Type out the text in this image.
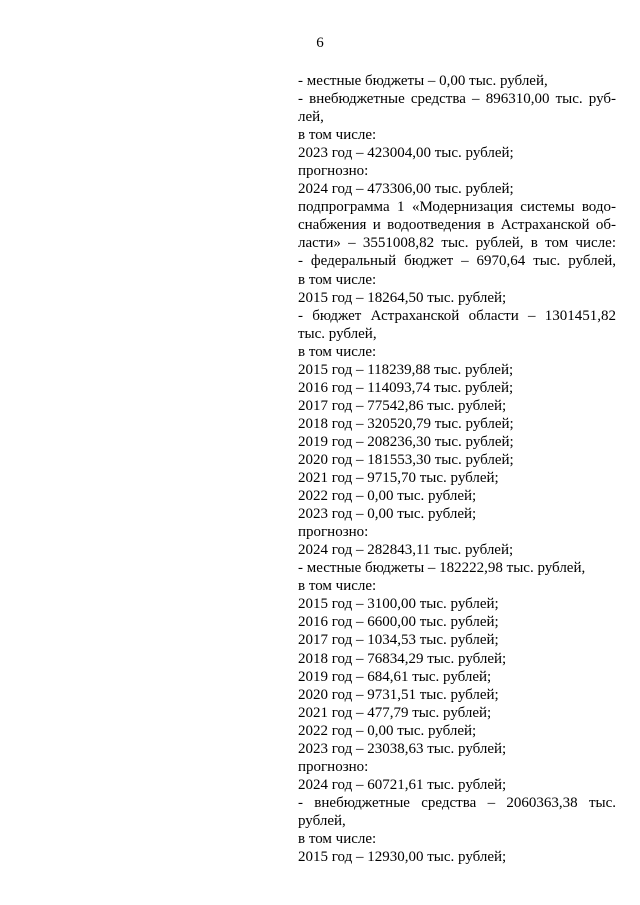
6
- местные бюджеты – 0,00 тыс. рублей,
- внебюджетные средства – 896310,00 тыс. руб-
лей,
в том числе:
2023 год – 423004,00 тыс. рублей;
прогнозно:
2024 год – 473306,00 тыс. рублей;
подпрограмма 1 «Модернизация системы водо-
снабжения и водоотведения в Астраханской об-
ласти» – 3551008,82 тыс. рублей, в том числе:
- федеральный бюджет – 6970,64 тыс. рублей,
в том числе:
2015 год – 18264,50 тыс. рублей;
- бюджет Астраханской области – 1301451,82
тыс. рублей,
в том числе:
2015 год – 118239,88 тыс. рублей;
2016 год – 114093,74 тыс. рублей;
2017 год – 77542,86 тыс. рублей;
2018 год – 320520,79 тыс. рублей;
2019 год – 208236,30 тыс. рублей;
2020 год – 181553,30 тыс. рублей;
2021 год – 9715,70 тыс. рублей;
2022 год – 0,00 тыс. рублей;
2023 год – 0,00 тыс. рублей;
прогнозно:
2024 год – 282843,11 тыс. рублей;
- местные бюджеты – 182222,98 тыс. рублей,
в том числе:
2015 год – 3100,00 тыс. рублей;
2016 год – 6600,00 тыс. рублей;
2017 год – 1034,53 тыс. рублей;
2018 год – 76834,29 тыс. рублей;
2019 год – 684,61 тыс. рублей;
2020 год – 9731,51 тыс. рублей;
2021 год – 477,79 тыс. рублей;
2022 год – 0,00 тыс. рублей;
2023 год – 23038,63 тыс. рублей;
прогнозно:
2024 год – 60721,61 тыс. рублей;
- внебюджетные средства – 2060363,38 тыс.
рублей,
в том числе:
2015 год – 12930,00 тыс. рублей;
